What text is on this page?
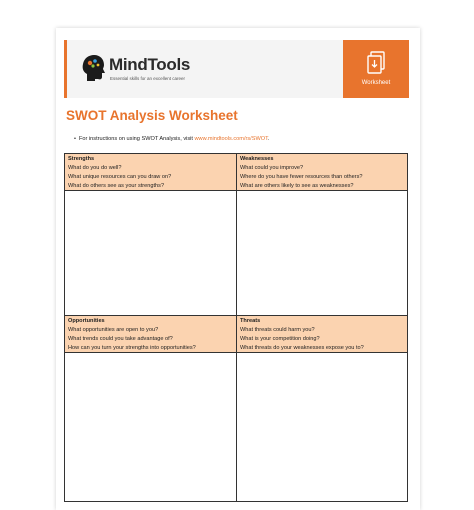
MindTools
Essential skills for an excellent career
Worksheet
SWOT Analysis Worksheet
• For instructions on using SWOT Analysis, visit www.mindtools.com/rs/SWOT.
Strengths
What do you do well?
What unique resources can you draw on?
What do others see as your strengths?
Weaknesses
What could you improve?
Where do you have fewer resources than others?
What are others likely to see as weaknesses?
Opportunities
What opportunities are open to you?
What trends could you take advantage of?
How can you turn your strengths into opportunities?
Threats
What threats could harm you?
What is your competition doing?
What threats do your weaknesses expose you to?
